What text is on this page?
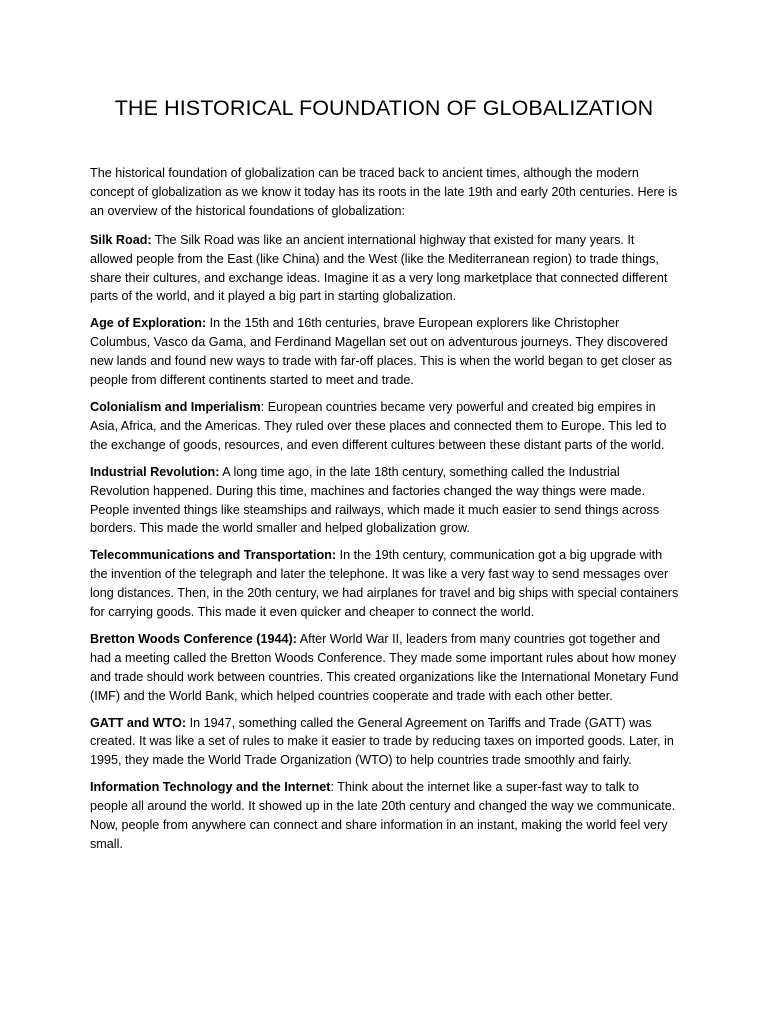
THE HISTORICAL FOUNDATION OF GLOBALIZATION

The historical foundation of globalization can be traced back to ancient times, although the modern concept of globalization as we know it today has its roots in the late 19th and early 20th centuries. Here is an overview of the historical foundations of globalization:

Silk Road: The Silk Road was like an ancient international highway that existed for many years. It allowed people from the East (like China) and the West (like the Mediterranean region) to trade things, share their cultures, and exchange ideas. Imagine it as a very long marketplace that connected different parts of the world, and it played a big part in starting globalization.

Age of Exploration: In the 15th and 16th centuries, brave European explorers like Christopher Columbus, Vasco da Gama, and Ferdinand Magellan set out on adventurous journeys. They discovered new lands and found new ways to trade with far-off places. This is when the world began to get closer as people from different continents started to meet and trade.

Colonialism and Imperialism: European countries became very powerful and created big empires in Asia, Africa, and the Americas. They ruled over these places and connected them to Europe. This led to the exchange of goods, resources, and even different cultures between these distant parts of the world.

Industrial Revolution: A long time ago, in the late 18th century, something called the Industrial Revolution happened. During this time, machines and factories changed the way things were made. People invented things like steamships and railways, which made it much easier to send things across borders. This made the world smaller and helped globalization grow.

Telecommunications and Transportation: In the 19th century, communication got a big upgrade with the invention of the telegraph and later the telephone. It was like a very fast way to send messages over long distances. Then, in the 20th century, we had airplanes for travel and big ships with special containers for carrying goods. This made it even quicker and cheaper to connect the world.

Bretton Woods Conference (1944): After World War II, leaders from many countries got together and had a meeting called the Bretton Woods Conference. They made some important rules about how money and trade should work between countries. This created organizations like the International Monetary Fund (IMF) and the World Bank, which helped countries cooperate and trade with each other better.

GATT and WTO: In 1947, something called the General Agreement on Tariffs and Trade (GATT) was created. It was like a set of rules to make it easier to trade by reducing taxes on imported goods. Later, in 1995, they made the World Trade Organization (WTO) to help countries trade smoothly and fairly.

Information Technology and the Internet: Think about the internet like a super-fast way to talk to people all around the world. It showed up in the late 20th century and changed the way we communicate. Now, people from anywhere can connect and share information in an instant, making the world feel very small.
